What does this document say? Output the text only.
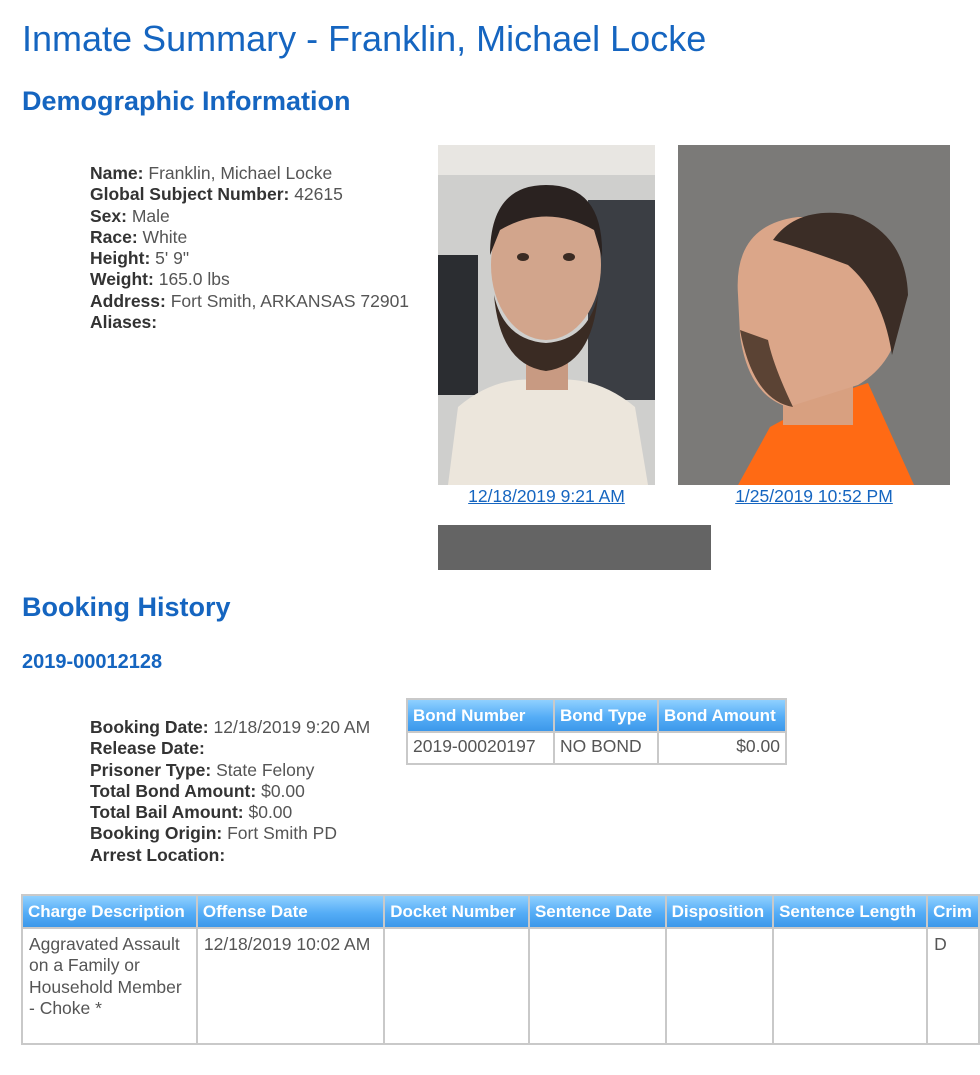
Inmate Summary - Franklin, Michael Locke
Demographic Information
Name: Franklin, Michael Locke
Global Subject Number: 42615
Sex: Male
Race: White
Height: 5' 9"
Weight: 165.0 lbs
Address: Fort Smith, ARKANSAS 72901
Aliases:
12/18/2019 9:21 AM	1/25/2019 10:52 PM
Booking History
2019-00012128
Booking Date: 12/18/2019 9:20 AM
Release Date:
Prisoner Type: State Felony
Total Bond Amount: $0.00
Total Bail Amount: $0.00
Booking Origin: Fort Smith PD
Arrest Location:
Bond Number	Bond Type	Bond Amount
2019-00020197	NO BOND	$0.00
Charge Description	Offense Date	Docket Number	Sentence Date	Disposition	Sentence Length	Crim
Aggravated Assault on a Family or Household Member - Choke *	12/18/2019 10:02 AM					D
